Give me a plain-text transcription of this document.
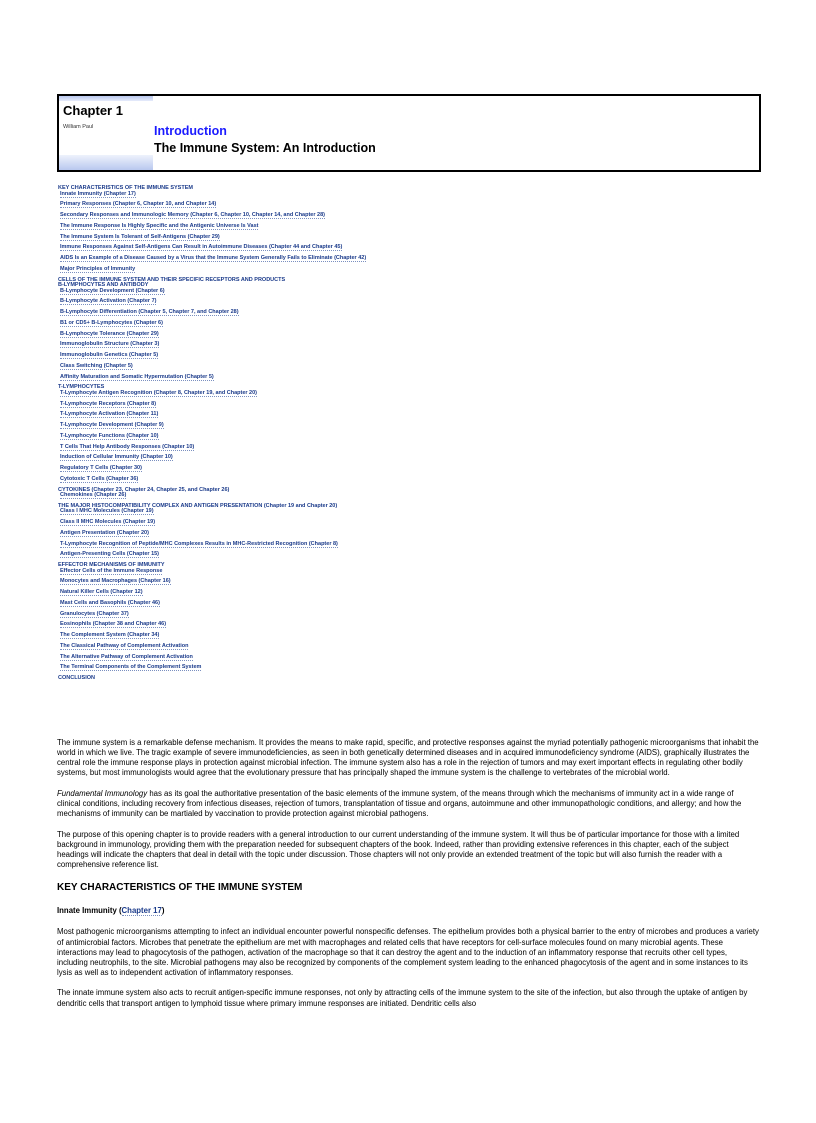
Chapter 1
William Paul	Introduction
The Immune System: An Introduction
KEY CHARACTERISTICS OF THE IMMUNE SYSTEM
Innate Immunity (Chapter 17)
Primary Responses (Chapter 6, Chapter 10, and Chapter 14)
Secondary Responses and Immunologic Memory (Chapter 6, Chapter 10, Chapter 14, and Chapter 28)
The Immune Response Is Highly Specific and the Antigenic Universe Is Vast
The Immune System Is Tolerant of Self-Antigens (Chapter 29)
Immune Responses Against Self-Antigens Can Result in Autoimmune Diseases (Chapter 44 and Chapter 45)
AIDS Is an Example of a Disease Caused by a Virus that the Immune System Generally Fails to Eliminate (Chapter 42)
Major Principles of Immunity
CELLS OF THE IMMUNE SYSTEM AND THEIR SPECIFIC RECEPTORS AND PRODUCTS
B-LYMPHOCYTES AND ANTIBODY
B-Lymphocyte Development (Chapter 6)
B-Lymphocyte Activation (Chapter 7)
B-Lymphocyte Differentiation (Chapter 5, Chapter 7, and Chapter 28)
B1 or CD5+ B-Lymphocytes (Chapter 6)
B-Lymphocyte Tolerance (Chapter 29)
Immunoglobulin Structure (Chapter 3)
Immunoglobulin Genetics (Chapter 5)
Class Switching (Chapter 5)
Affinity Maturation and Somatic Hypermutation (Chapter 5)
T-LYMPHOCYTES
T-Lymphocyte Antigen Recognition (Chapter 8, Chapter 19, and Chapter 20)
T-Lymphocyte Receptors (Chapter 8)
T-Lymphocyte Activation (Chapter 11)
T-Lymphocyte Development (Chapter 9)
T-Lymphocyte Functions (Chapter 10)
T Cells That Help Antibody Responses (Chapter 10)
Induction of Cellular Immunity (Chapter 10)
Regulatory T Cells (Chapter 30)
Cytotoxic T Cells (Chapter 36)
CYTOKINES (Chapter 23, Chapter 24, Chapter 25, and Chapter 26)
Chemokines (Chapter 26)
THE MAJOR HISTOCOMPATIBILITY COMPLEX AND ANTIGEN PRESENTATION (Chapter 19 and Chapter 20)
Class I MHC Molecules (Chapter 19)
Class II MHC Molecules (Chapter 19)
Antigen Presentation (Chapter 20)
T-Lymphocyte Recognition of Peptide/MHC Complexes Results in MHC-Restricted Recognition (Chapter 8)
Antigen-Presenting Cells (Chapter 15)
EFFECTOR MECHANISMS OF IMMUNITY
Effector Cells of the Immune Response
Monocytes and Macrophages (Chapter 16)
Natural Killer Cells (Chapter 12)
Mast Cells and Basophils (Chapter 46)
Granulocytes (Chapter 37)
Eosinophils (Chapter 38 and Chapter 46)
The Complement System (Chapter 34)
The Classical Pathway of Complement Activation
The Alternative Pathway of Complement Activation
The Terminal Components of the Complement System
CONCLUSION

The immune system is a remarkable defense mechanism. It provides the means to make rapid, specific, and protective responses against the myriad potentially pathogenic microorganisms that inhabit the world in which we live. The tragic example of severe immunodeficiencies, as seen in both genetically determined diseases and in acquired immunodeficiency syndrome (AIDS), graphically illustrates the central role the immune response plays in protection against microbial infection. The immune system also has a role in the rejection of tumors and may exert important effects in regulating other bodily systems, but most immunologists would agree that the evolutionary pressure that has principally shaped the immune system is the challenge to vertebrates of the microbial world.

Fundamental Immunology has as its goal the authoritative presentation of the basic elements of the immune system, of the means through which the mechanisms of immunity act in a wide range of clinical conditions, including recovery from infectious diseases, rejection of tumors, transplantation of tissue and organs, autoimmune and other immunopathologic conditions, and allergy; and how the mechanisms of immunity can be martialed by vaccination to provide protection against microbial pathogens.

The purpose of this opening chapter is to provide readers with a general introduction to our current understanding of the immune system. It will thus be of particular importance for those with a limited background in immunology, providing them with the preparation needed for subsequent chapters of the book. Indeed, rather than providing extensive references in this chapter, each of the subject headings will indicate the chapters that deal in detail with the topic under discussion. Those chapters will not only provide an extended treatment of the topic but will also furnish the reader with a comprehensive reference list.

KEY CHARACTERISTICS OF THE IMMUNE SYSTEM
Innate Immunity (Chapter 17)

Most pathogenic microorganisms attempting to infect an individual encounter powerful nonspecific defenses. The epithelium provides both a physical barrier to the entry of microbes and produces a variety of antimicrobial factors. Microbes that penetrate the epithelium are met with macrophages and related cells that have receptors for cell-surface molecules found on many microbial agents. These interactions may lead to phagocytosis of the pathogen, activation of the macrophage so that it can destroy the agent and to the induction of an inflammatory response that recruits other cell types, including neutrophils, to the site. Microbial pathogens may also be recognized by components of the complement system leading to the enhanced phagocytosis of the agent and in some instances to its lysis as well as to independent activation of inflammatory responses.

The innate immune system also acts to recruit antigen-specific immune responses, not only by attracting cells of the immune system to the site of the infection, but also through the uptake of antigen by dendritic cells that transport antigen to lymphoid tissue where primary immune responses are initiated. Dendritic cells also
